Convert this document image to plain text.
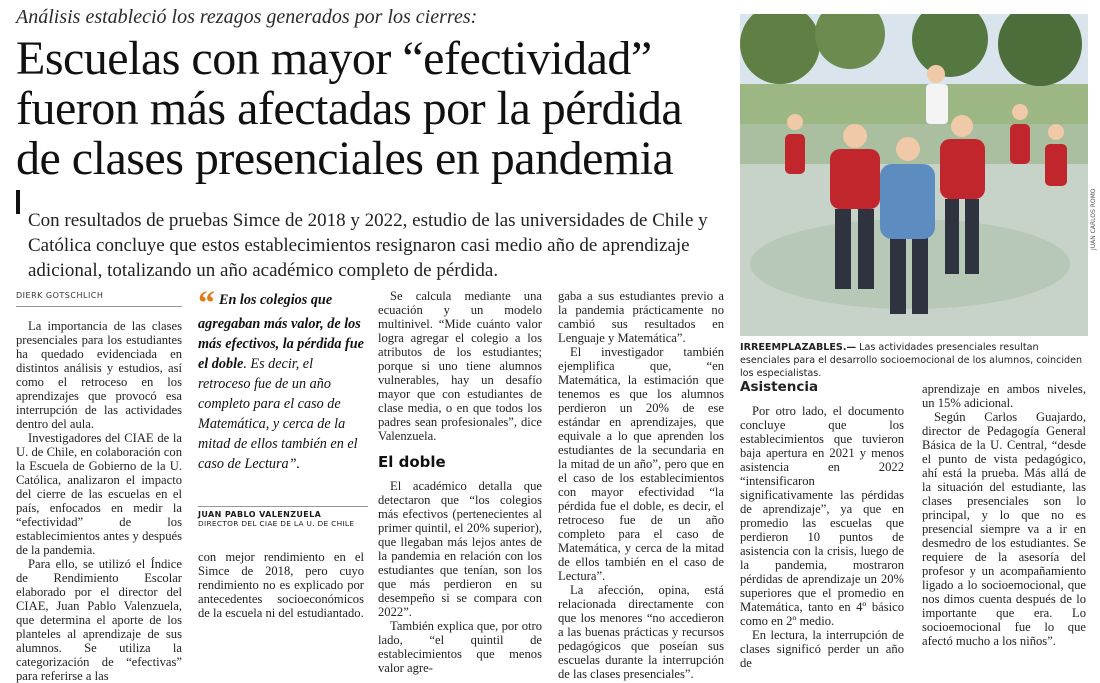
Análisis estableció los rezagos generados por los cierres:
Escuelas con mayor “efectividad”
fueron más afectadas por la pérdida
de clases presenciales en pandemia
Con resultados de pruebas Simce de 2018 y 2022, estudio de las universidades de Chile y Católica concluye que estos establecimientos resignaron casi medio año de aprendizaje adicional, totalizando un año académico completo de pérdida.
DIERK GOTSCHLICH

La importancia de las clases presenciales para los estudiantes ha quedado evidenciada en distintos análisis y estudios, así como el retroceso en los aprendizajes que provocó esa interrupción de las actividades dentro del aula.

Investigadores del CIAE de la U. de Chile, en colaboración con la Escuela de Gobierno de la U. Católica, analizaron el impacto del cierre de las escuelas en el país, enfocados en medir la “efectividad” de los establecimientos antes y después de la pandemia.

Para ello, se utilizó el Índice de Rendimiento Escolar elaborado por el director del CIAE, Juan Pablo Valenzuela, que determina el aporte de los planteles al aprendizaje de sus alumnos. Se utiliza la categorización de “efectivas” para referirse a las

“ En los colegios que agregaban más valor, de los más efectivos, la pérdida fue el doble. Es decir, el retroceso fue de un año completo para el caso de Matemática, y cerca de la mitad de ellos también en el caso de Lectura”.
JUAN PABLO VALENZUELA
DIRECTOR DEL CIAE DE LA U. DE CHILE

con mejor rendimiento en el Simce de 2018, pero cuyo rendimiento no es explicado por antecedentes socioeconómicos de la escuela ni del estudiantado.

Se calcula mediante una ecuación y un modelo multinivel. “Mide cuánto valor logra agregar el colegio a los atributos de los estudiantes; porque si uno tiene alumnos vulnerables, hay un desafío mayor que con estudiantes de clase media, o en que todos los padres sean profesionales”, dice Valenzuela.

El doble

El académico detalla que detectaron que “los colegios más efectivos (pertenecientes al primer quintil, el 20% superior), que llegaban más lejos antes de la pandemia en relación con los estudiantes que tenían, son los que más perdieron en su desempeño si se compara con 2022”.

También explica que, por otro lado, “el quintil de establecimientos que menos valor agre-

gaba a sus estudiantes previo a la pandemia prácticamente no cambió sus resultados en Lenguaje y Matemática”.

El investigador también ejemplifica que, “en Matemática, la estimación que tenemos es que los alumnos perdieron un 20% de ese estándar en aprendizajes, que equivale a lo que aprenden los estudiantes de la secundaria en la mitad de un año”, pero que en el caso de los establecimientos con mayor efectividad “la pérdida fue el doble, es decir, el retroceso fue de un año completo para el caso de Matemática, y cerca de la mitad de ellos también en el caso de Lectura”.

La afección, opina, está relacionada directamente con que los menores “no accedieron a las buenas prácticas y recursos pedagógicos que poseían sus escuelas durante la interrupción de las clases presenciales”.

JUAN CARLOS ROMO
IRREEMPLAZABLES.— Las actividades presenciales resultan esenciales para el desarrollo socioemocional de los alumnos, coinciden los especialistas.
Asistencia

Por otro lado, el documento concluye que los establecimientos que tuvieron baja apertura en 2021 y menos asistencia en 2022 “intensificaron significativamente las pérdidas de aprendizaje”, ya que en promedio las escuelas que perdieron 10 puntos de asistencia con la crisis, luego de la pandemia, mostraron pérdidas de aprendizaje un 20% superiores que el promedio en Matemática, tanto en 4º básico como en 2º medio.

En lectura, la interrupción de clases significó perder un año de

aprendizaje en ambos niveles, un 15% adicional.

Según Carlos Guajardo, director de Pedagogía General Básica de la U. Central, “desde el punto de vista pedagógico, ahí está la prueba. Más allá de la situación del estudiante, las clases presenciales son lo principal, y lo que no es presencial siempre va a ir en desmedro de los estudiantes. Se requiere de la asesoría del profesor y un acompañamiento ligado a lo socioemocional, que nos dimos cuenta después de lo importante que era. Lo socioemocional fue lo que afectó mucho a los niños”.
